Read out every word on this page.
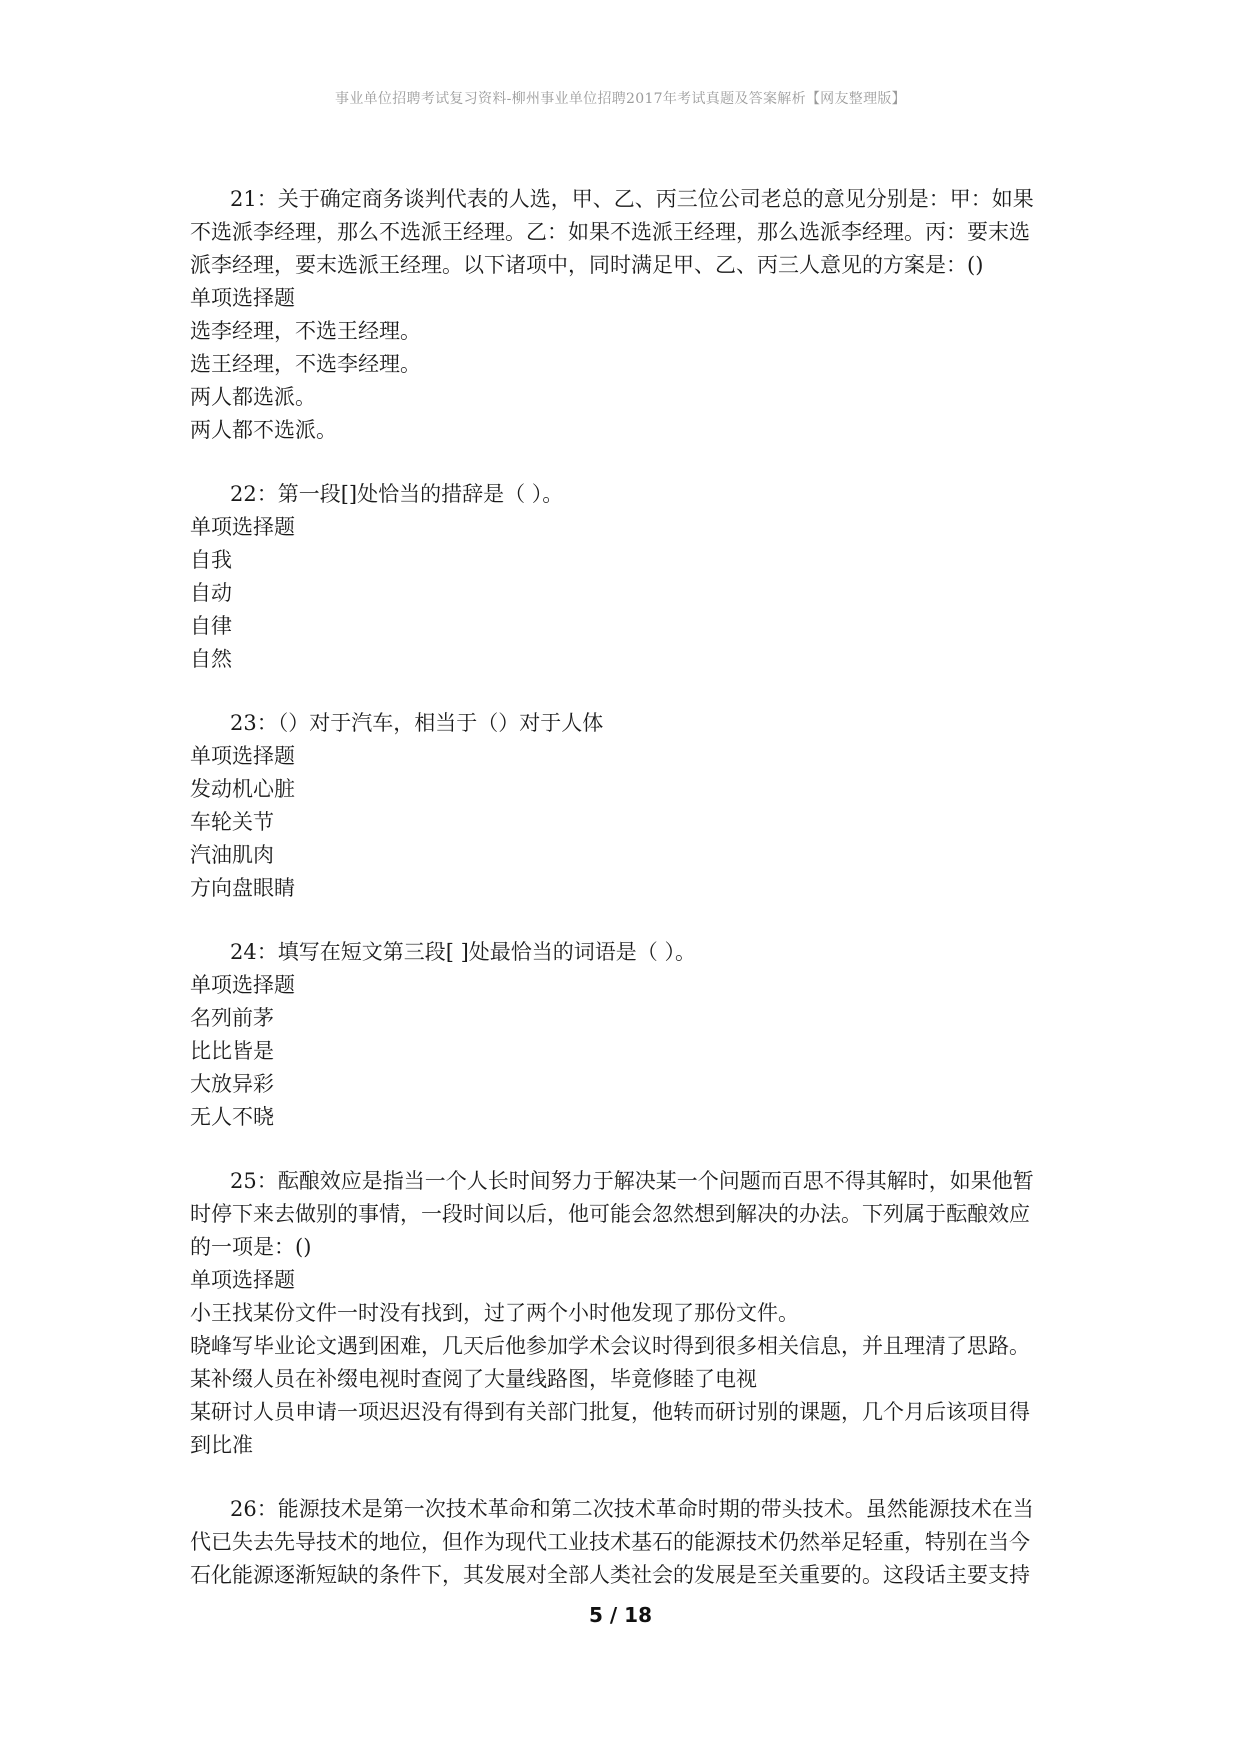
事业单位招聘考试复习资料-柳州事业单位招聘2017年考试真题及答案解析【网友整理版】
21：关于确定商务谈判代表的人选，甲、乙、丙三位公司老总的意见分别是：甲：如果
不选派李经理，那么不选派王经理。乙：如果不选派王经理，那么选派李经理。丙：要末选
派李经理，要末选派王经理。以下诸项中，同时满足甲、乙、丙三人意见的方案是：()
单项选择题
选李经理，不选王经理。
选王经理，不选李经理。
两人都选派。
两人都不选派。
22：第一段[]处恰当的措辞是（ ）。
单项选择题
自我
自动
自律
自然
23：（）对于汽车，相当于（）对于人体
单项选择题
发动机心脏
车轮关节
汽油肌肉
方向盘眼睛
24：填写在短文第三段[ ]处最恰当的词语是（ ）。
单项选择题
名列前茅
比比皆是
大放异彩
无人不晓
25：酝酿效应是指当一个人长时间努力于解决某一个问题而百思不得其解时，如果他暂
时停下来去做别的事情，一段时间以后，他可能会忽然想到解决的办法。下列属于酝酿效应
的一项是：()
单项选择题
小王找某份文件一时没有找到，过了两个小时他发现了那份文件。
晓峰写毕业论文遇到困难，几天后他参加学术会议时得到很多相关信息，并且理清了思路。
某补缀人员在补缀电视时查阅了大量线路图，毕竟修睦了电视
某研讨人员申请一项迟迟没有得到有关部门批复，他转而研讨别的课题，几个月后该项目得
到比准
26：能源技术是第一次技术革命和第二次技术革命时期的带头技术。虽然能源技术在当
代已失去先导技术的地位，但作为现代工业技术基石的能源技术仍然举足轻重，特别在当今
石化能源逐渐短缺的条件下，其发展对全部人类社会的发展是至关重要的。这段话主要支持
5 / 18
